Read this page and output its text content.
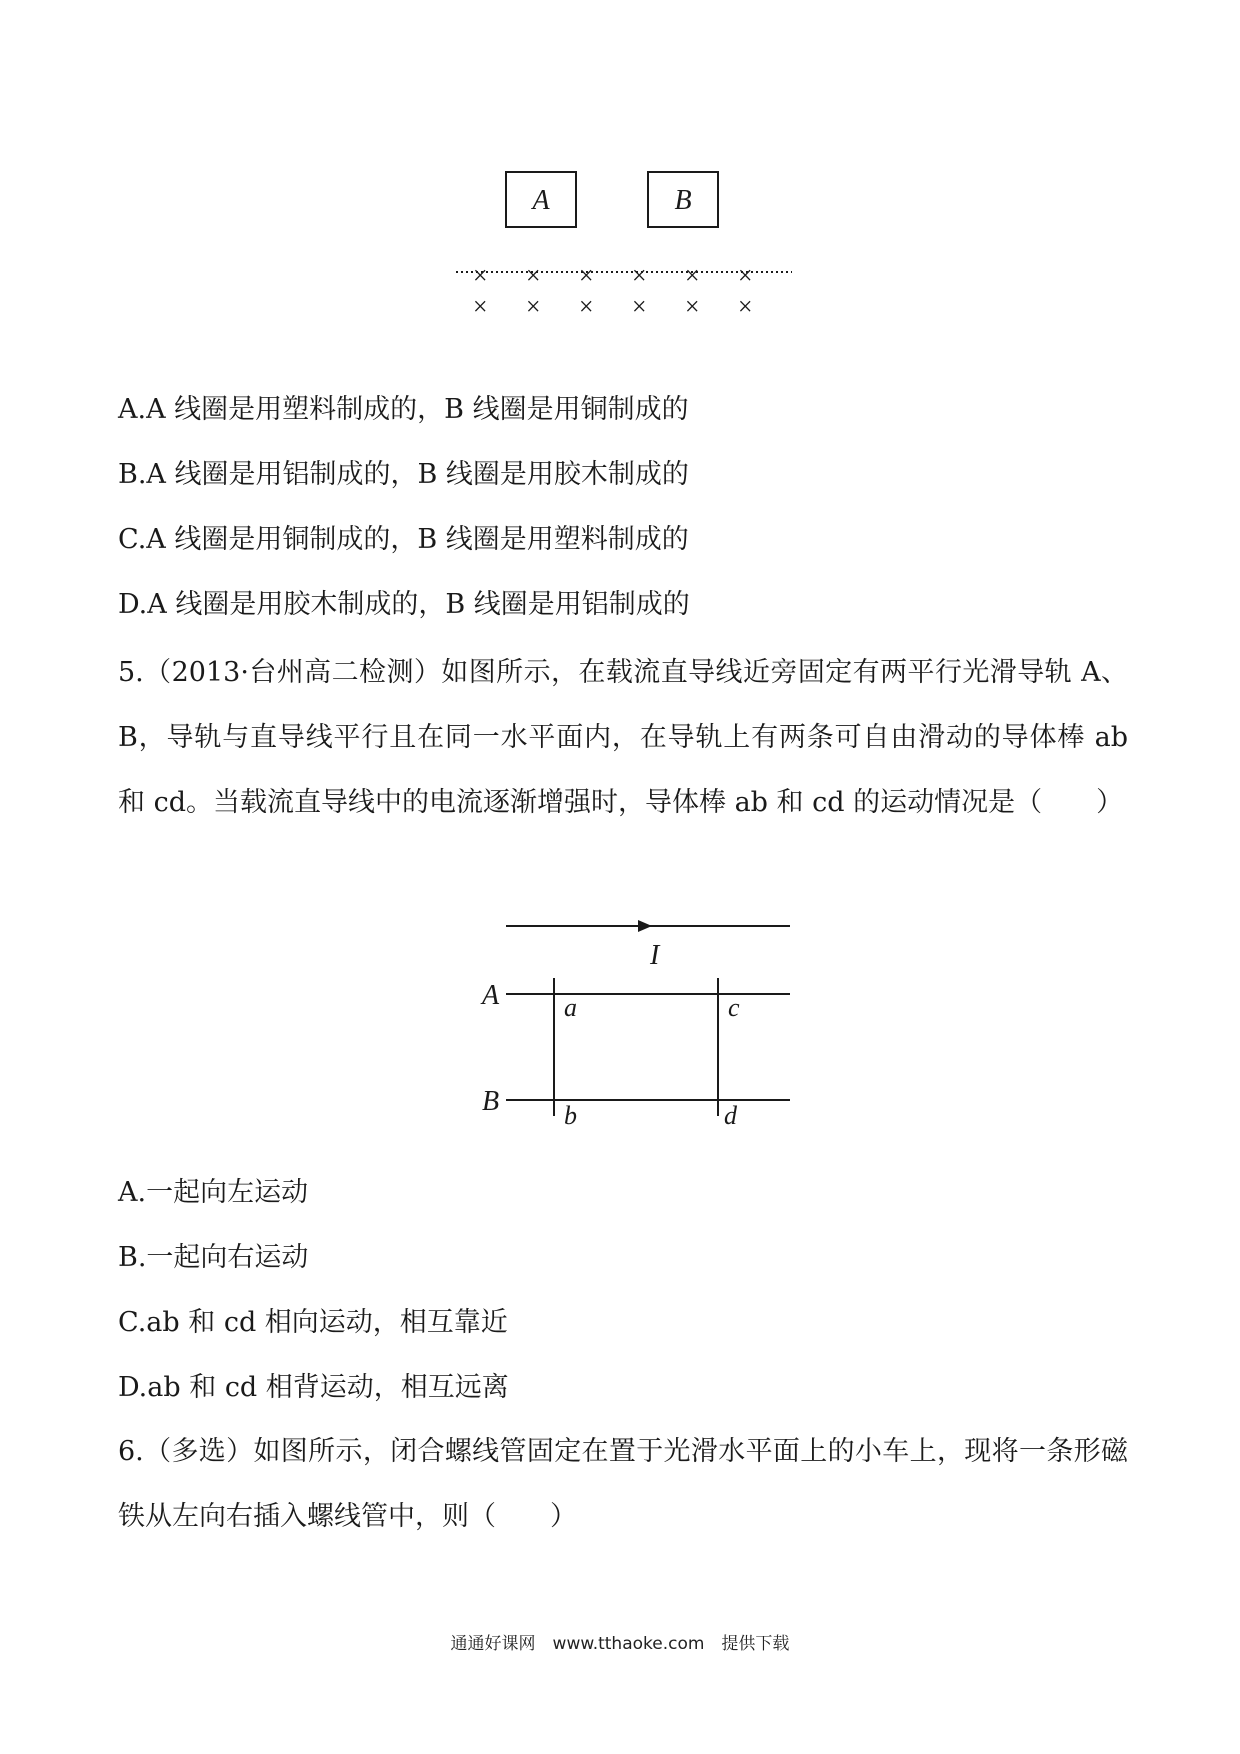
A	B
× × × × × ×
× × × × × ×
A.A 线圈是用塑料制成的，B 线圈是用铜制成的
B.A 线圈是用铝制成的，B 线圈是用胶木制成的
C.A 线圈是用铜制成的，B 线圈是用塑料制成的
D.A 线圈是用胶木制成的，B 线圈是用铝制成的
5.（2013·台州高二检测）如图所示，在载流直导线近旁固定有两平行光滑导轨 A、B，导轨与直导线平行且在同一水平面内，在导轨上有两条可自由滑动的导体棒 ab 和 cd。当载流直导线中的电流逐渐增强时，导体棒 ab 和 cd 的运动情况是（　　）
I
A
B
a
b
c
d
A.一起向左运动
B.一起向右运动
C.ab 和 cd 相向运动，相互靠近
D.ab 和 cd 相背运动，相互远离
6.（多选）如图所示，闭合螺线管固定在置于光滑水平面上的小车上，现将一条形磁铁从左向右插入螺线管中，则（　　）
通通好课网　www.tthaoke.com　提供下载
